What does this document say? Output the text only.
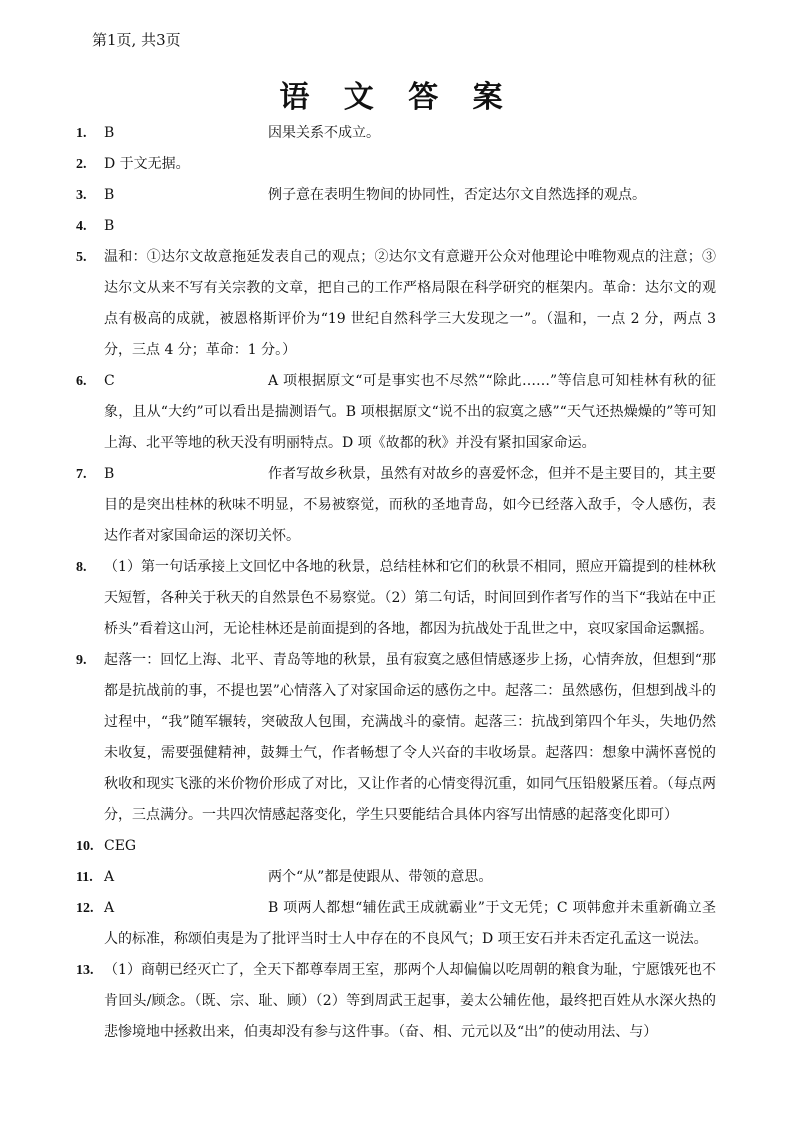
第1页, 共3页
语 文 答 案
1. B	因果关系不成立。
2. D 于文无据。
3. B	例子意在表明生物间的协同性，否定达尔文自然选择的观点。
4. B
5. 温和：①达尔文故意拖延发表自己的观点；②达尔文有意避开公众对他理论中唯物观点的注意；③达尔文从来不写有关宗教的文章，把自己的工作严格局限在科学研究的框架内。革命：达尔文的观点有极高的成就，被恩格斯评价为“19 世纪自然科学三大发现之一”。（温和，一点 2 分，两点 3 分，三点 4 分；革命：1 分。）
6. C	A 项根据原文“可是事实也不尽然”“除此……”等信息可知桂林有秋的征象，且从“大约”可以看出是揣测语气。B 项根据原文“说不出的寂寞之感”“天气还热燥燥的”等可知上海、北平等地的秋天没有明丽特点。D 项《故都的秋》并没有紧扣国家命运。
7. B	作者写故乡秋景，虽然有对故乡的喜爱怀念，但并不是主要目的，其主要目的是突出桂林的秋味不明显，不易被察觉，而秋的圣地青岛，如今已经落入敌手，令人感伤，表达作者对家国命运的深切关怀。
8. （1）第一句话承接上文回忆中各地的秋景，总结桂林和它们的秋景不相同，照应开篇提到的桂林秋天短暂，各种关于秋天的自然景色不易察觉。（2）第二句话，时间回到作者写作的当下“我站在中正桥头”看着这山河，无论桂林还是前面提到的各地，都因为抗战处于乱世之中，哀叹家国命运飘摇。
9. 起落一：回忆上海、北平、青岛等地的秋景，虽有寂寞之感但情感逐步上扬，心情奔放，但想到“那都是抗战前的事，不提也罢”心情落入了对家国命运的感伤之中。起落二：虽然感伤，但想到战斗的过程中，“我”随军辗转，突破敌人包围，充满战斗的豪情。起落三：抗战到第四个年头，失地仍然未收复，需要强健精神，鼓舞士气，作者畅想了令人兴奋的丰收场景。起落四：想象中满怀喜悦的秋收和现实飞涨的米价物价形成了对比，又让作者的心情变得沉重，如同气压铅般紧压着。（每点两分，三点满分。一共四次情感起落变化，学生只要能结合具体内容写出情感的起落变化即可）
10. CEG
11. A	两个“从”都是使跟从、带领的意思。
12. A	B 项两人都想“辅佐武王成就霸业”于文无凭；C 项韩愈并未重新确立圣人的标准，称颂伯夷是为了批评当时士人中存在的不良风气；D 项王安石并未否定孔孟这一说法。
13. （1）商朝已经灭亡了，全天下都尊奉周王室，那两个人却偏偏以吃周朝的粮食为耻，宁愿饿死也不肯回头/顾念。（既、宗、耻、顾）（2）等到周武王起事，姜太公辅佐他，最终把百姓从水深火热的悲惨境地中拯救出来，伯夷却没有参与这件事。（奋、相、元元以及“出”的使动用法、与）
